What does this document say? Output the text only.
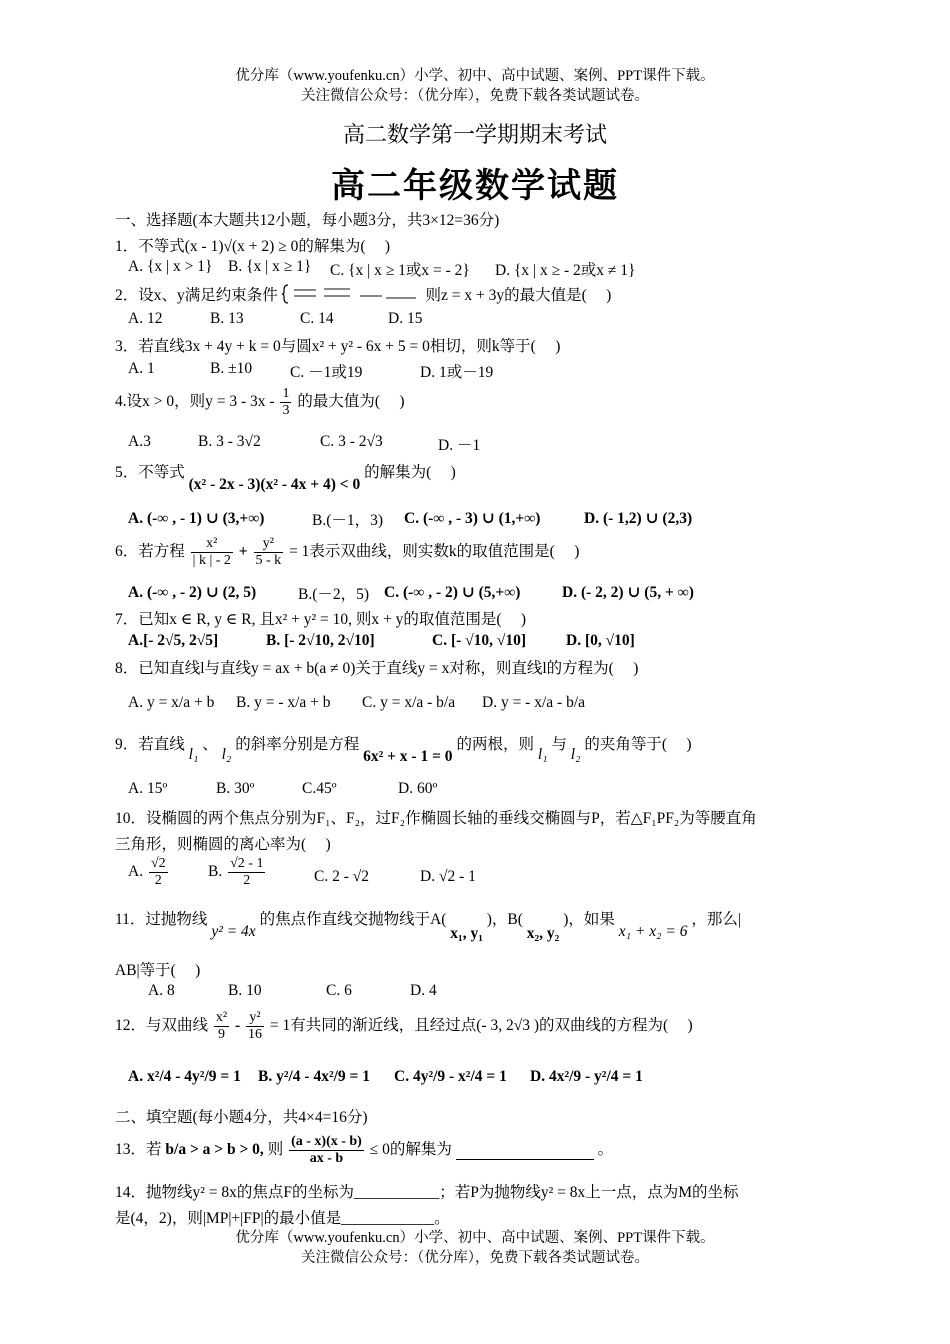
优分库（www.youfenku.cn）小学、初中、高中试题、案例、PPT课件下载。
关注微信公众号：（优分库），免费下载各类试题试卷。
高二数学第一学期期末考试
高二年级数学试题
一、选择题(本大题共12小题，每小题3分，共3×12=36分)
1．不等式(x - 1)√(x + 2) ≥ 0的解集为(　 )
A. {x | x > 1} B. {x | x ≥ 1} C. {x | x ≥ 1或x = - 2} D. {x | x ≥ - 2或x ≠ 1}
2．设x、y满足约束条件	则z = x + 3y的最大值是(　 )
A. 12	B. 13	C. 14	D. 15
3．若直线3x + 4y + k = 0与圆x² + y² - 6x + 5 = 0相切，则k等于(　 )
A. 1	B. ±10 C. －1或19	D. 1或－19
4.设x > 0，则$y = 3 - 3x - \frac{1}{3}$ 的最大值为(　 )
A.3	B. 3 - 3√2	C. 3 - 2√3	D. －1
5．不等式 (x² - 2x - 3)(x² - 4x + 4) < 0 的解集为(　 )
A. (-∞ , - 1) ∪ (3,+∞)	B.(－1，3) C. (-∞ , - 3) ∪ (1,+∞)	D. (- 1,2) ∪ (2,3)
6．若方程 $\frac{\text{x²}}{| k | - 2} + \frac{\text{y²}}{5 - k} = 1$表示双曲线，则实数k的取值范围是(　 )
A. (-∞ , - 2) ∪ (2, 5)	B.(－2，5) C. (-∞ , - 2) ∪ (5,+∞)	D. (- 2, 2) ∪ (5, + ∞)
7．已知x ∈ R, y ∈ R, 且x² + y² = 10, 则x + y的取值范围是(　 )
A.[- 2√5, 2√5]	B. [- 2√10, 2√10]	C. [- √10, √10]	D. [0, √10]
8．已知直线l与直线y = ax + b(a ≠ 0)关于直线y = x对称，则直线l的方程为(　 )
A. y = x/a + b B. y = - x/a + b C. y = x/a - b/a D. y = - x/a - b/a
9．若直线 l₁ 、 l₂ 的斜率分别是方程 6x² + x - 1 = 0 的两根，则 l₁ 与 l₂ 的夹角等于(　 )
A. 15º	B. 30º	C.45º	D. 60º
10．设椭圆的两个焦点分别为F₁、F₂，过F₂作椭圆长轴的垂线交椭圆与P，若△F₁PF₂为等腰直角
三角形，则椭圆的离心率为(　 )
A. $\frac{√2}{2}$	B. $\frac{√2 - 1}{2}$	C. 2 - √2	D. √2 - 1
11．过抛物线 y² = 4x 的焦点作直线交抛物线于A( x₁, y₁ )，B( x₂, y₂ )，如果 x₁ + x₂ = 6 ，那么|
AB|等于(　 )
A. 8	B. 10	C. 6	D. 4
12．与双曲线 $\frac{\text{x²}}{9} - \frac{\text{y²}}{16} = 1$有共同的渐近线，且经过点(- 3, 2√3 )的双曲线的方程为(　 )
A. x²/4 - 4y²/9 = 1 B. y²/4 - 4x²/9 = 1 C. 4y²/9 - x²/4 = 1 D. 4x²/9 - y²/4 = 1
二、填空题(每小题4分，共4×4=16分)
13．若 b/a > a > b > 0, 则 $\frac{(a - x)(x - b)}{ax - b} \le 0$的解集为	。
14．抛物线y² = 8x的焦点F的坐标为___________；若P为抛物线y² = 8x上一点，点为M的坐标
是(4，2)，则|MP|+|FP|的最小值是____________。
优分库（www.youfenku.cn）小学、初中、高中试题、案例、PPT课件下载。
关注微信公众号：（优分库），免费下载各类试题试卷。
